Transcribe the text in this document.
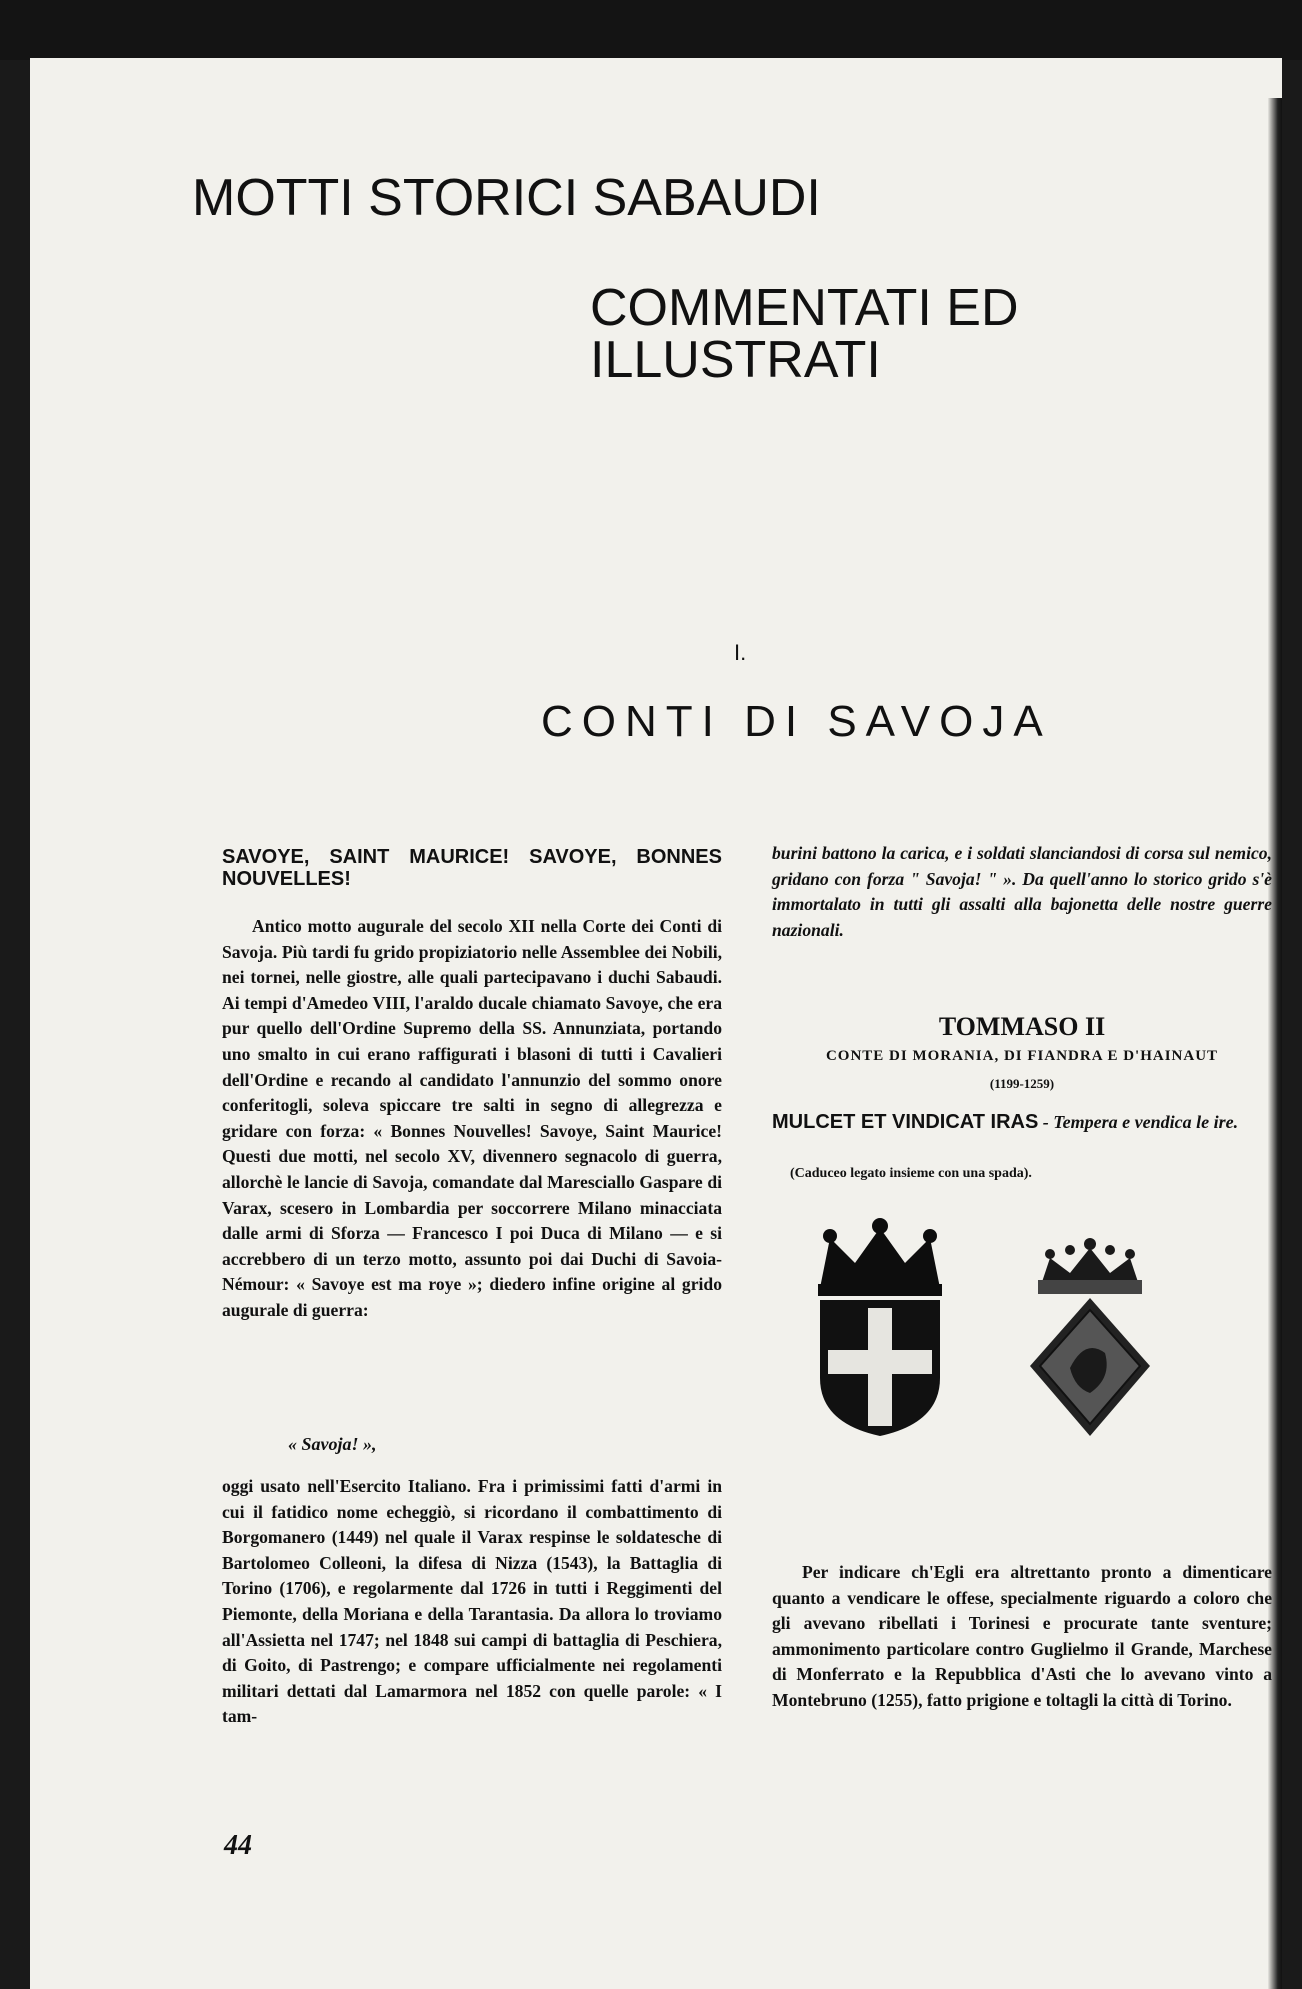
MOTTI STORICI SABAUDI
COMMENTATI ED ILLUSTRATI
I.
CONTI DI SAVOJA

SAVOYE, SAINT MAURICE! SAVOYE, BONNES NOUVELLES!

Antico motto augurale del secolo XII nella Corte dei Conti di Savoja. Più tardi fu grido propiziatorio nelle Assemblee dei Nobili, nei tornei, nelle giostre, alle quali partecipavano i duchi Sabaudi. Ai tempi d'Amedeo VIII, l'araldo ducale chiamato Savoye, che era pur quello dell'Ordine Supremo della SS. Annunziata, portando uno smalto in cui erano raffigurati i blasoni di tutti i Cavalieri dell'Ordine e recando al candidato l'annunzio del sommo onore conferitogli, soleva spiccare tre salti in segno di allegrezza e gridare con forza: « Bonnes Nouvelles! Savoye, Saint Maurice! Questi due motti, nel secolo XV, divennero segnacolo di guerra, allorchè le lancie di Savoja, comandate dal Maresciallo Gaspare di Varax, scesero in Lombardia per soccorrere Milano minacciata dalle armi di Sforza — Francesco I poi Duca di Milano — e si accrebbero di un terzo motto, assunto poi dai Duchi di Savoia-Némour: « Savoye est ma roye »; diedero infine origine al grido augurale di guerra:

« Savoja! »,

oggi usato nell'Esercito Italiano. Fra i primissimi fatti d'armi in cui il fatidico nome echeggiò, si ricordano il combattimento di Borgomanero (1449) nel quale il Varax respinse le soldatesche di Bartolomeo Colleoni, la difesa di Nizza (1543), la Battaglia di Torino (1706), e regolarmente dal 1726 in tutti i Reggimenti del Piemonte, della Moriana e della Tarantasia. Da allora lo troviamo all'Assietta nel 1747; nel 1848 sui campi di battaglia di Peschiera, di Goito, di Pastrengo; e compare ufficialmente nei regolamenti militari dettati dal Lamarmora nel 1852 con quelle parole: « I tam-

burini battono la carica, e i soldati slanciandosi di corsa sul nemico, gridano con forza " Savoja! " ». Da quell'anno lo storico grido s'è immortalato in tutti gli assalti alla bajonetta delle nostre guerre nazionali.

TOMMASO II
CONTE DI MORANIA, DI FIANDRA E D'HAINAUT
(1199-1259)
MULCET ET VINDICAT IRAS - Tempera e vendica le ire.
(Caduceo legato insieme con una spada).

Per indicare ch'Egli era altrettanto pronto a dimenticare quanto a vendicare le offese, specialmente riguardo a coloro che gli avevano ribellati i Torinesi e procurate tante sventure; ammonimento particolare contro Guglielmo il Grande, Marchese di Monferrato e la Repubblica d'Asti che lo avevano vinto a Montebruno (1255), fatto prigione e toltagli la città di Torino.

44
